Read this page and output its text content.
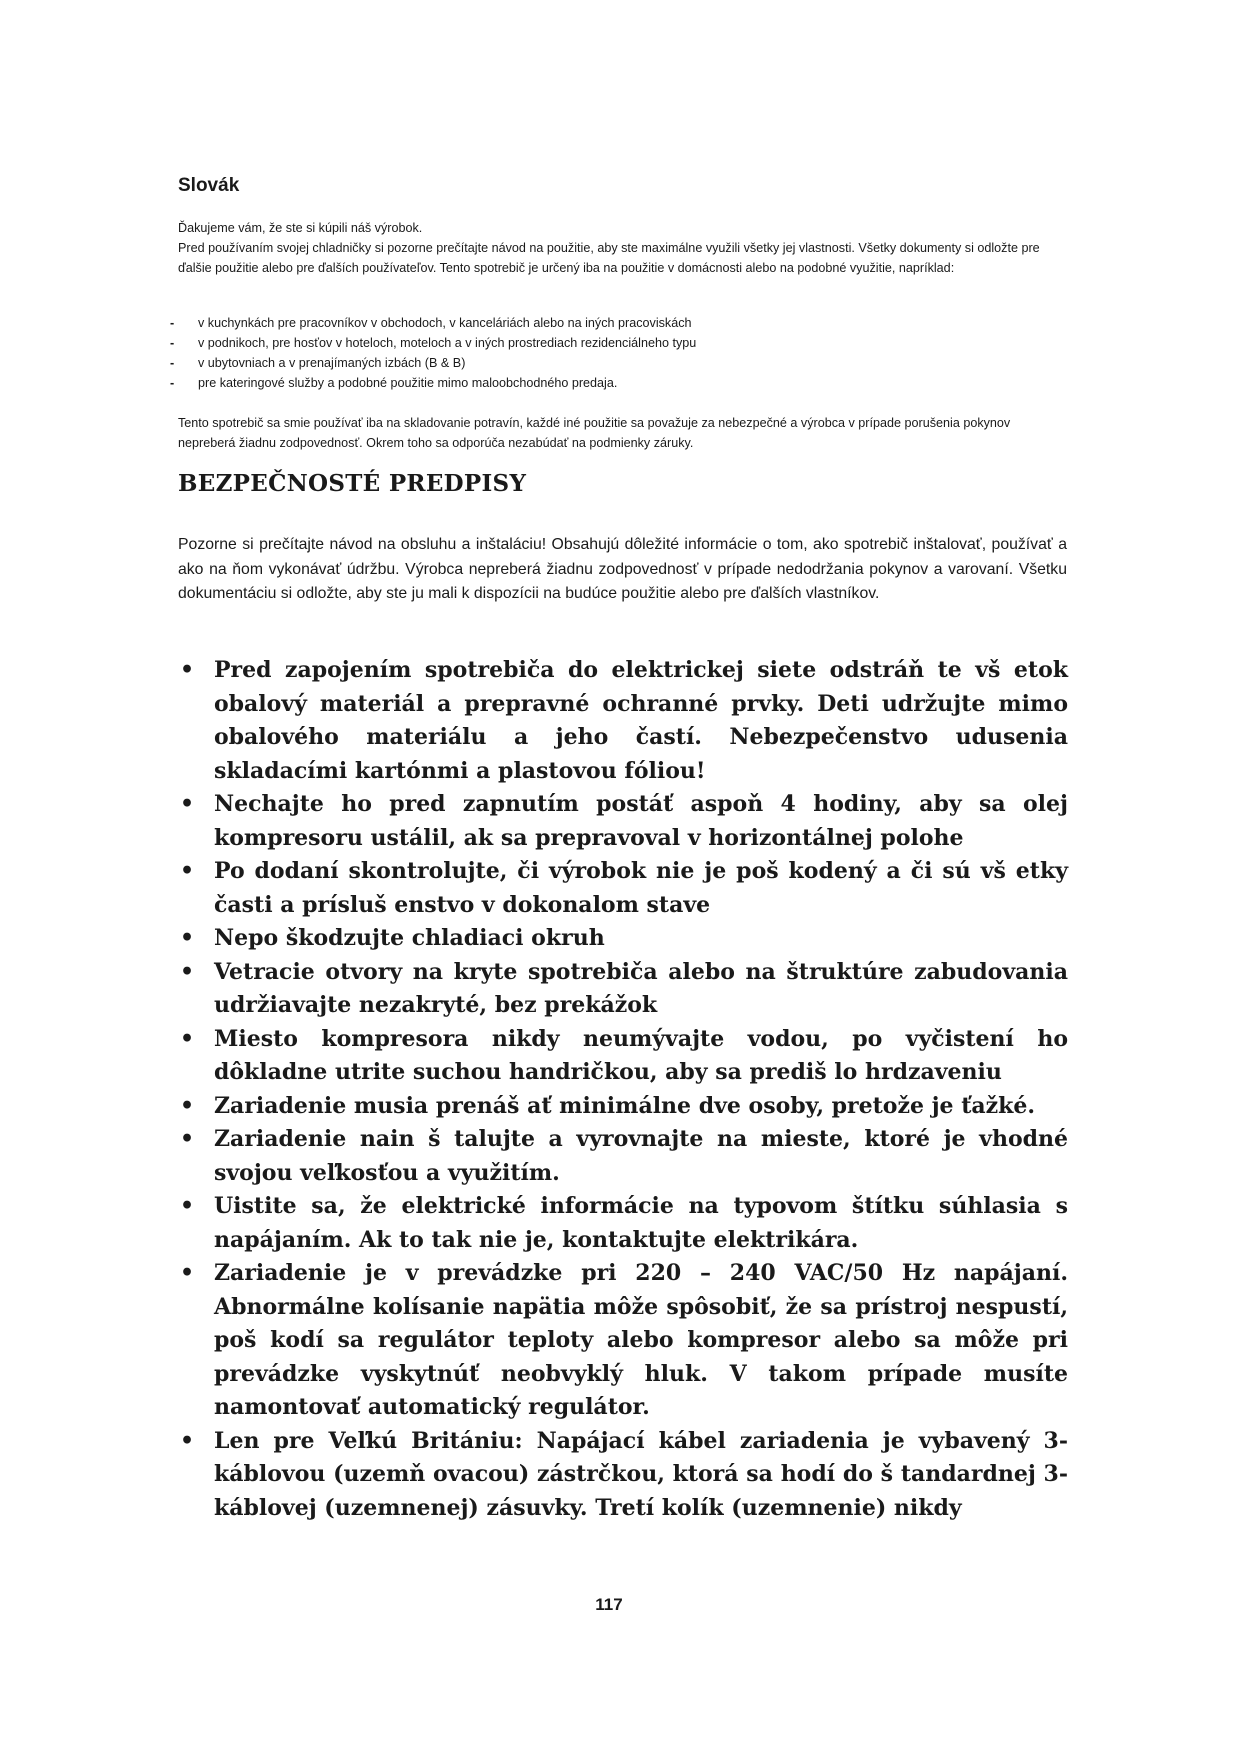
Slovák

Ďakujeme vám, že ste si kúpili náš výrobok.

Pred používaním svojej chladničky si pozorne prečítajte návod na použitie, aby ste maximálne využili všetky jej vlastnosti. Všetky dokumenty si odložte pre ďalšie použitie alebo pre ďalších používateľov. Tento spotrebič je určený iba na použitie v domácnosti alebo na podobné využitie, napríklad:

- v kuchynkách pre pracovníkov v obchodoch, v kanceláriách alebo na iných pracoviskách
- v podnikoch, pre hosťov v hoteloch, moteloch a v iných prostrediach rezidenciálneho typu
- v ubytovniach a v prenajímaných izbách (B & B)
- pre kateringové služby a podobné použitie mimo maloobchodného predaja.

Tento spotrebič sa smie používať iba na skladovanie potravín, každé iné použitie sa považuje za nebezpečné a výrobca v prípade porušenia pokynov nepreberá žiadnu zodpovednosť. Okrem toho sa odporúča nezabúdať na podmienky záruky.

BEZPEČNOSTÉ PREDPISY

Pozorne si prečítajte návod na obsluhu a inštaláciu! Obsahujú dôležité informácie o tom, ako spotrebič inštalovať, používať a ako na ňom vykonávať údržbu. Výrobca nepreberá žiadnu zodpovednosť v prípade nedodržania pokynov a varovaní. Všetku dokumentáciu si odložte, aby ste ju mali k dispozícii na budúce použitie alebo pre ďalších vlastníkov.

• Pred zapojením spotrebiča do elektrickej siete odstráň te vš etok obalový materiál a prepravné ochranné prvky. Deti udržujte mimo obalového materiálu a jeho častí. Nebezpečenstvo udusenia skladacími kartónmi a plastovou fóliou!
• Nechajte ho pred zapnutím postáť aspoň 4 hodiny, aby sa olej kompresoru ustálil, ak sa prepravoval v horizontálnej polohe
• Po dodaní skontrolujte, či výrobok nie je poš kodený a či sú vš etky časti a prísluš enstvo v dokonalom stave
• Nepo škodzujte chladiaci okruh
• Vetracie otvory na kryte spotrebiča alebo na štruktúre zabudovania udržiavajte nezakryté, bez prekážok
• Miesto kompresora nikdy neumývajte vodou, po vyčistení ho dôkladne utrite suchou handričkou, aby sa prediš lo hrdzaveniu
• Zariadenie musia prenáš ať minimálne dve osoby, pretože je ťažké.
• Zariadenie nain š talujte a vyrovnajte na mieste, ktoré je vhodné svojou veľkosťou a využitím.
• Uistite sa, že elektrické informácie na typovom štítku súhlasia s napájaním. Ak to tak nie je, kontaktujte elektrikára.
• Zariadenie je v prevádzke pri 220 – 240 VAC/50 Hz napájaní. Abnormálne kolísanie napätia môže spôsobiť, že sa prístroj nespustí, poš kodí sa regulátor teploty alebo kompresor alebo sa môže pri prevádzke vyskytnúť neobvyklý hluk. V takom prípade musíte namontovať automatický regulátor.
• Len pre Veľkú Britániu: Napájací kábel zariadenia je vybavený 3-káblovou (uzemň ovacou) zástrčkou, ktorá sa hodí do š tandardnej 3-káblovej (uzemnenej) zásuvky. Tretí kolík (uzemnenie) nikdy

117
